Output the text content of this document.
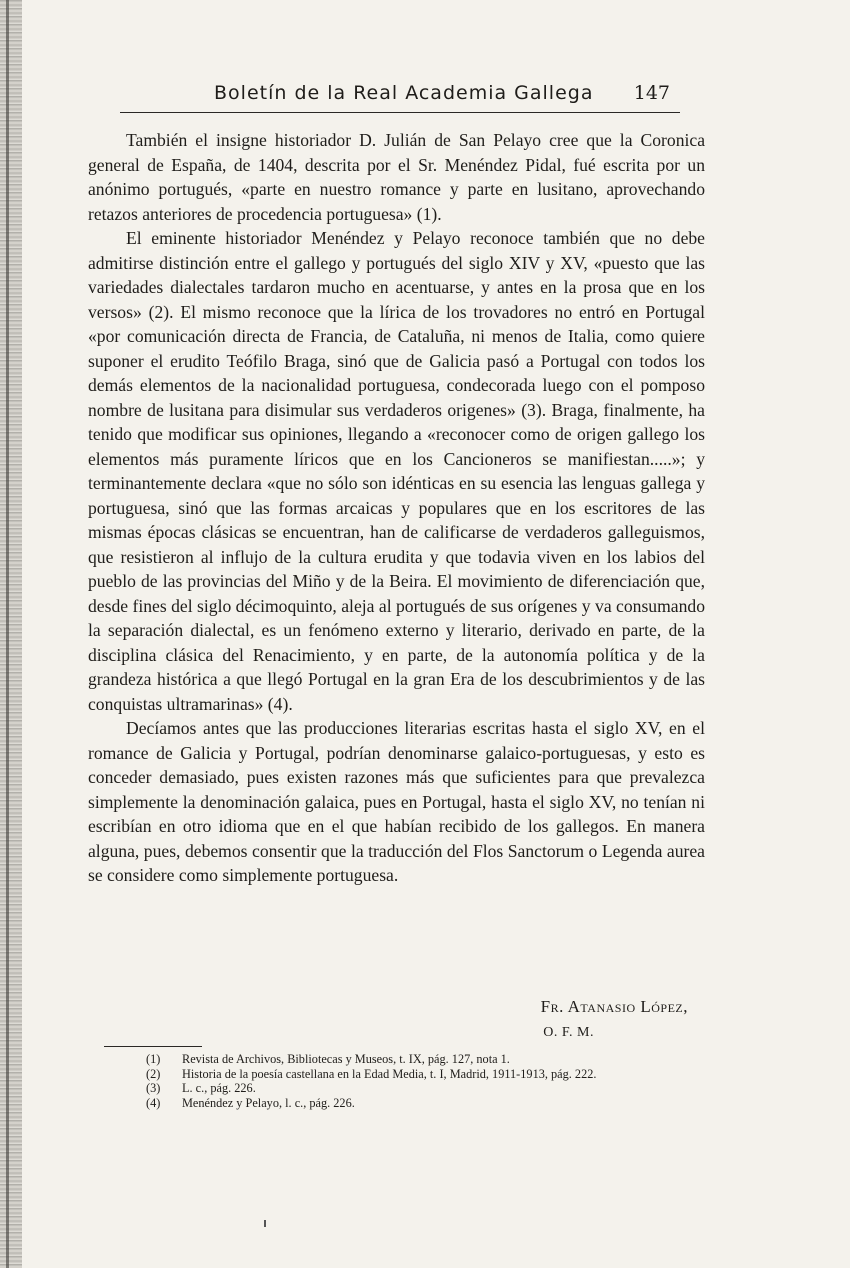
Boletín de la Real Academia Gallega 147

También el insigne historiador D. Julián de San Pelayo cree que la Coronica general de España, de 1404, descrita por el Sr. Menéndez Pidal, fué escrita por un anónimo portugués, «parte en nuestro romance y parte en lusitano, aprovechando retazos anteriores de procedencia portuguesa» (1).

El eminente historiador Menéndez y Pelayo reconoce también que no debe admitirse distinción entre el gallego y portugués del siglo XIV y XV, «puesto que las variedades dialectales tardaron mucho en acentuarse, y antes en la prosa que en los versos» (2). El mismo reconoce que la lírica de los trovadores no entró en Portugal «por comunicación directa de Francia, de Cataluña, ni menos de Italia, como quiere suponer el erudito Teófilo Braga, sinó que de Galicia pasó a Portugal con todos los demás elementos de la nacionalidad portuguesa, condecorada luego con el pomposo nombre de lusitana para disimular sus verdaderos origenes» (3). Braga, finalmente, ha tenido que modificar sus opiniones, llegando a «reconocer como de origen gallego los elementos más puramente líricos que en los Cancioneros se manifiestan.....»; y terminantemente declara «que no sólo son idénticas en su esencia las lenguas gallega y portuguesa, sinó que las formas arcaicas y populares que en los escritores de las mismas épocas clásicas se encuentran, han de calificarse de verdaderos galleguismos, que resistieron al influjo de la cultura erudita y que todavia viven en los labios del pueblo de las provincias del Miño y de la Beira. El movimiento de diferenciación que, desde fines del siglo décimoquinto, aleja al portugués de sus orígenes y va consumando la separación dialectal, es un fenómeno externo y literario, derivado en parte, de la disciplina clásica del Renacimiento, y en parte, de la autonomía política y de la grandeza histórica a que llegó Portugal en la gran Era de los descubrimientos y de las conquistas ultramarinas» (4).

Decíamos antes que las producciones literarias escritas hasta el siglo XV, en el romance de Galicia y Portugal, podrían denominarse galaico-portuguesas, y esto es conceder demasiado, pues existen razones más que suficientes para que prevalezca simplemente la denominación galaica, pues en Portugal, hasta el siglo XV, no tenían ni escribían en otro idioma que en el que habían recibido de los gallegos. En manera alguna, pues, debemos consentir que la traducción del Flos Sanctorum o Legenda aurea se considere como simplemente portuguesa.

Fr. Atanasio López,
O. F. M.
(1)	Revista de Archivos, Bibliotecas y Museos, t. IX, pág. 127, nota 1.
(2)	Historia de la poesía castellana en la Edad Media, t. I, Madrid, 1911-1913, pág. 222.
(3)	L. c., pág. 226.
(4)	Menéndez y Pelayo, l. c., pág. 226.
